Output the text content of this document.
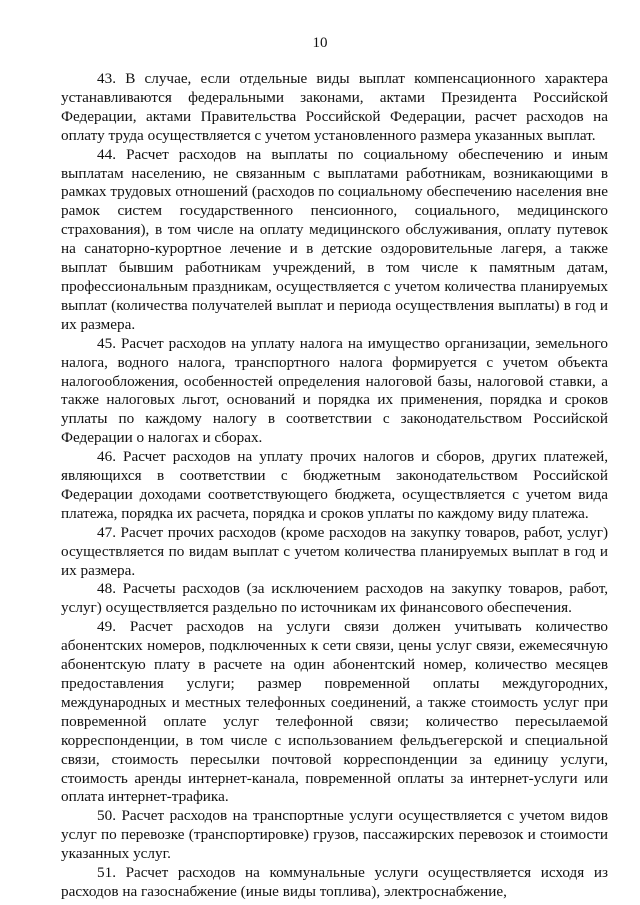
10

43. В случае, если отдельные виды выплат компенсационного характера устанавливаются федеральными законами, актами Президента Российской Федерации, актами Правительства Российской Федерации, расчет расходов на оплату труда осуществляется с учетом установленного размера указанных выплат.

44. Расчет расходов на выплаты по социальному обеспечению и иным выплатам населению, не связанным с выплатами работникам, возникающими в рамках трудовых отношений (расходов по социальному обеспечению населения вне рамок систем государственного пенсионного, социального, медицинского страхования), в том числе на оплату медицинского обслуживания, оплату путевок на санаторно-курортное лечение и в детские оздоровительные лагеря, а также выплат бывшим работникам учреждений, в том числе к памятным датам, профессиональным праздникам, осуществляется с учетом количества планируемых выплат (количества получателей выплат и периода осуществления выплаты) в год и их размера.

45. Расчет расходов на уплату налога на имущество организации, земельного налога, водного налога, транспортного налога формируется с учетом объекта налогообложения, особенностей определения налоговой базы, налоговой ставки, а также налоговых льгот, оснований и порядка их применения, порядка и сроков уплаты по каждому налогу в соответствии с законодательством Российской Федерации о налогах и сборах.

46. Расчет расходов на уплату прочих налогов и сборов, других платежей, являющихся в соответствии с бюджетным законодательством Российской Федерации доходами соответствующего бюджета, осуществляется с учетом вида платежа, порядка их расчета, порядка и сроков уплаты по каждому виду платежа.

47. Расчет прочих расходов (кроме расходов на закупку товаров, работ, услуг) осуществляется по видам выплат с учетом количества планируемых выплат в год и их размера.

48. Расчеты расходов (за исключением расходов на закупку товаров, работ, услуг) осуществляется раздельно по источникам их финансового обеспечения.

49. Расчет расходов на услуги связи должен учитывать количество абонентских номеров, подключенных к сети связи, цены услуг связи, ежемесячную абонентскую плату в расчете на один абонентский номер, количество месяцев предоставления услуги; размер повременной оплаты междугородних, международных и местных телефонных соединений, а также стоимость услуг при повременной оплате услуг телефонной связи; количество пересылаемой корреспонденции, в том числе с использованием фельдъегерской и специальной связи, стоимость пересылки почтовой корреспонденции за единицу услуги, стоимость аренды интернет-канала, повременной оплаты за интернет-услуги или оплата интернет-трафика.

50. Расчет расходов на транспортные услуги осуществляется с учетом видов услуг по перевозке (транспортировке) грузов, пассажирских перевозок и стоимости указанных услуг.

51. Расчет расходов на коммунальные услуги осуществляется исходя из расходов на газоснабжение (иные виды топлива), электроснабжение,
